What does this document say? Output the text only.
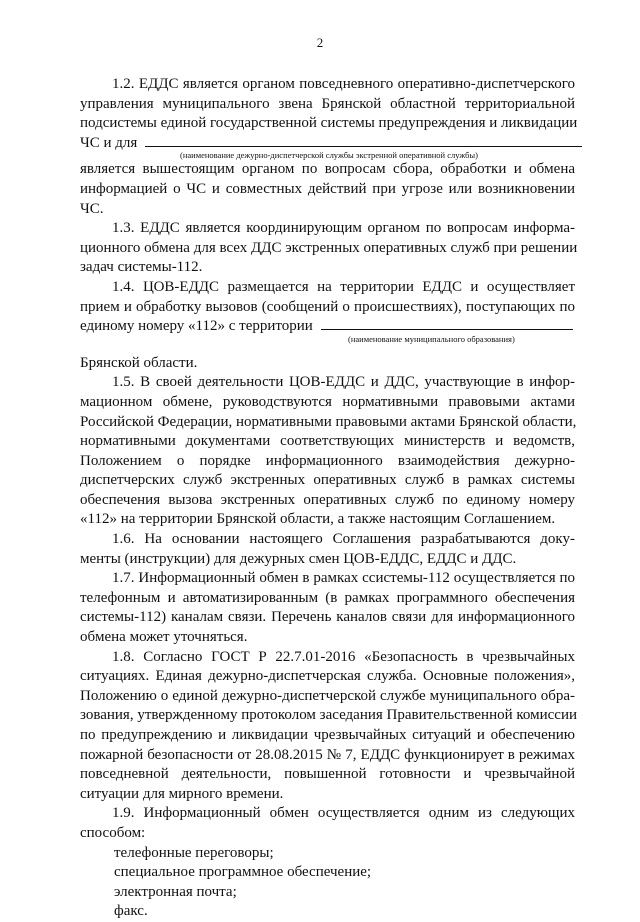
2
1.2. ЕДДС является органом повседневного оперативно-диспетчерского
управления муниципального звена Брянской областной территориальной
подсистемы единой государственной системы предупреждения и ликвидации
ЧС и для
(наименование дежурно-диспетчерской службы экстренной оперативной службы)
является вышестоящим органом по вопросам сбора, обработки и обмена
информацией о ЧС и совместных действий при угрозе или возникновении
ЧС.
1.3. ЕДДС является координирующим органом по вопросам информа-
ционного обмена для всех ДДС экстренных оперативных служб при решении
задач системы-112.
1.4. ЦОВ-ЕДДС размещается на территории ЕДДС и осуществляет
прием и обработку вызовов (сообщений о происшествиях), поступающих по
единому номеру «112» с территории
(наименование муниципального образования)
Брянской области.
1.5. В своей деятельности ЦОВ-ЕДДС и ДДС, участвующие в инфор-
мационном обмене, руководствуются нормативными правовыми актами
Российской Федерации, нормативными правовыми актами Брянской области,
нормативными документами соответствующих министерств и ведомств,
Положением о порядке информационного взаимодействия дежурно-
диспетчерских служб экстренных оперативных служб в рамках системы
обеспечения вызова экстренных оперативных служб по единому номеру
«112» на территории Брянской области, а также настоящим Соглашением.
1.6. На основании настоящего Соглашения разрабатываются доку-
менты (инструкции) для дежурных смен ЦОВ-ЕДДС, ЕДДС и ДДС.
1.7. Информационный обмен в рамках ссистемы-112 осуществляется по
телефонным и автоматизированным (в рамках программного обеспечения
системы-112) каналам связи. Перечень каналов связи для информационного
обмена может уточняться.
1.8. Согласно ГОСТ Р 22.7.01-2016 «Безопасность в чрезвычайных
ситуациях. Единая дежурно-диспетчерская служба. Основные положения»,
Положению о единой дежурно-диспетчерской службе муниципального обра-
зования, утвержденному протоколом заседания Правительственной комиссии
по предупреждению и ликвидации чрезвычайных ситуаций и обеспечению
пожарной безопасности от 28.08.2015 № 7, ЕДДС функционирует в режимах
повседневной деятельности, повышенной готовности и чрезвычайной
ситуации для мирного времени.
1.9. Информационный обмен осуществляется одним из следующих
способом:
телефонные переговоры;
специальное программное обеспечение;
электронная почта;
факс.
